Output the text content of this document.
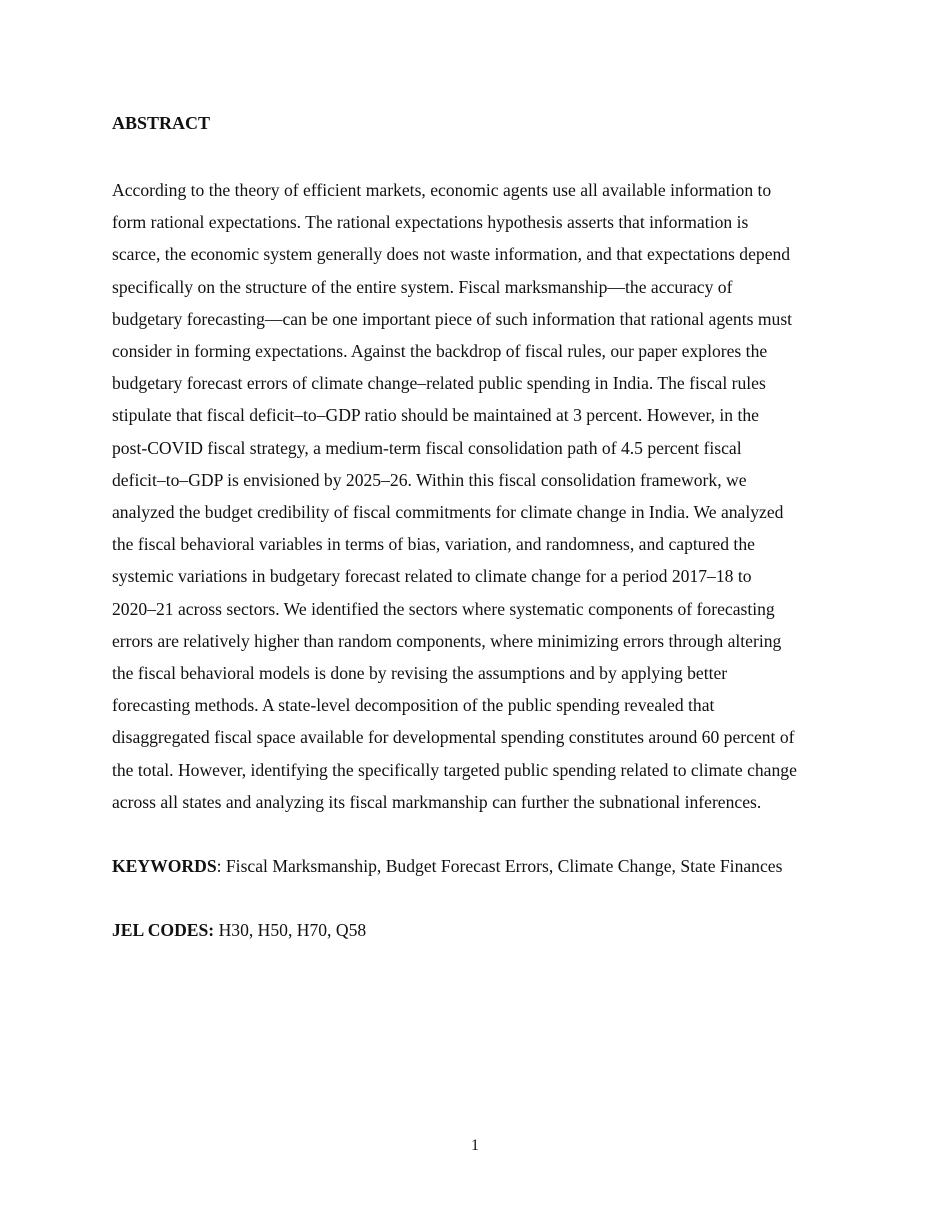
ABSTRACT

According to the theory of efficient markets, economic agents use all available information to
form rational expectations. The rational expectations hypothesis asserts that information is
scarce, the economic system generally does not waste information, and that expectations depend
specifically on the structure of the entire system. Fiscal marksmanship—the accuracy of
budgetary forecasting—can be one important piece of such information that rational agents must
consider in forming expectations. Against the backdrop of fiscal rules, our paper explores the
budgetary forecast errors of climate change–related public spending in India. The fiscal rules
stipulate that fiscal deficit–to–GDP ratio should be maintained at 3 percent. However, in the
post-COVID fiscal strategy, a medium-term fiscal consolidation path of 4.5 percent fiscal
deficit–to–GDP is envisioned by 2025–26. Within this fiscal consolidation framework, we
analyzed the budget credibility of fiscal commitments for climate change in India. We analyzed
the fiscal behavioral variables in terms of bias, variation, and randomness, and captured the
systemic variations in budgetary forecast related to climate change for a period 2017–18 to
2020–21 across sectors. We identified the sectors where systematic components of forecasting
errors are relatively higher than random components, where minimizing errors through altering
the fiscal behavioral models is done by revising the assumptions and by applying better
forecasting methods. A state-level decomposition of the public spending revealed that
disaggregated fiscal space available for developmental spending constitutes around 60 percent of
the total. However, identifying the specifically targeted public spending related to climate change
across all states and analyzing its fiscal markmanship can further the subnational inferences.

KEYWORDS: Fiscal Marksmanship, Budget Forecast Errors, Climate Change, State Finances

JEL CODES: H30, H50, H70, Q58

1
